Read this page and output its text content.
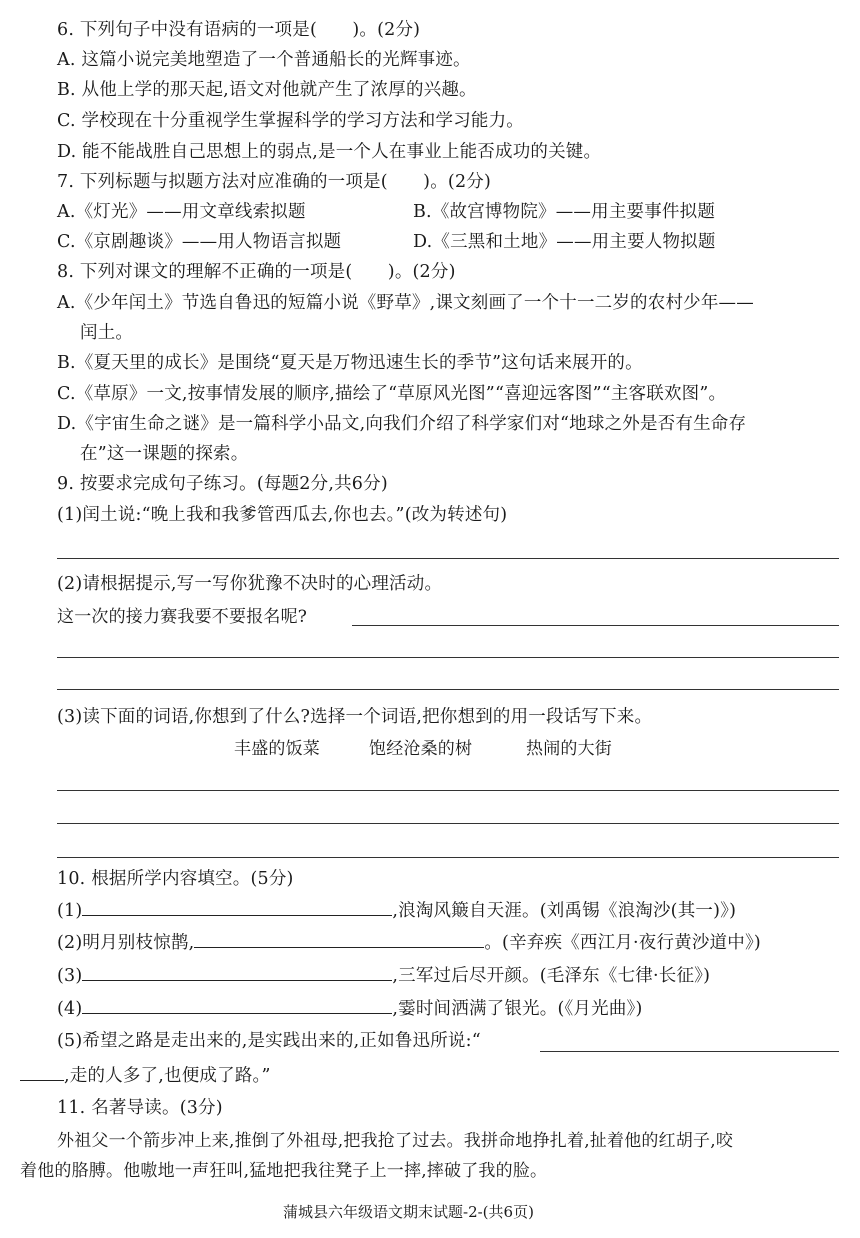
6. 下列句子中没有语病的一项是(　　)。(2分)
A. 这篇小说完美地塑造了一个普通船长的光辉事迹。
B. 从他上学的那天起,语文对他就产生了浓厚的兴趣。
C. 学校现在十分重视学生掌握科学的学习方法和学习能力。
D. 能不能战胜自己思想上的弱点,是一个人在事业上能否成功的关键。
7. 下列标题与拟题方法对应准确的一项是(　　)。(2分)
A.《灯光》——用文章线索拟题	B.《故宫博物院》——用主要事件拟题
C.《京剧趣谈》——用人物语言拟题	D.《三黑和土地》——用主要人物拟题
8. 下列对课文的理解不正确的一项是(　　)。(2分)
A.《少年闰土》节选自鲁迅的短篇小说《野草》,课文刻画了一个十一二岁的农村少年——
闰土。
B.《夏天里的成长》是围绕“夏天是万物迅速生长的季节”这句话来展开的。
C.《草原》一文,按事情发展的顺序,描绘了“草原风光图”“喜迎远客图”“主客联欢图”。
D.《宇宙生命之谜》是一篇科学小品文,向我们介绍了科学家们对“地球之外是否有生命存
在”这一课题的探索。
9. 按要求完成句子练习。(每题2分,共6分)
(1)闰土说:“晚上我和我爹管西瓜去,你也去。”(改为转述句)
(2)请根据提示,写一写你犹豫不决时的心理活动。
这一次的接力赛我要不要报名呢?
(3)读下面的词语,你想到了什么?选择一个词语,把你想到的用一段话写下来。
丰盛的饭菜	饱经沧桑的树	热闹的大街
10. 根据所学内容填空。(5分)
(1)	,浪淘风簸自天涯。(刘禹锡《浪淘沙(其一)》)
(2)明月别枝惊鹊,	。(辛弃疾《西江月·夜行黄沙道中》)
(3)	,三军过后尽开颜。(毛泽东《七律·长征》)
(4)	,霎时间洒满了银光。(《月光曲》)
(5)希望之路是走出来的,是实践出来的,正如鲁迅所说:“
,走的人多了,也便成了路。”
11. 名著导读。(3分)
外祖父一个箭步冲上来,推倒了外祖母,把我抢了过去。我拼命地挣扎着,扯着他的红胡子,咬
着他的胳膊。他嗷地一声狂叫,猛地把我往凳子上一摔,摔破了我的脸。
蒲城县六年级语文期末试题-2-(共6页)
